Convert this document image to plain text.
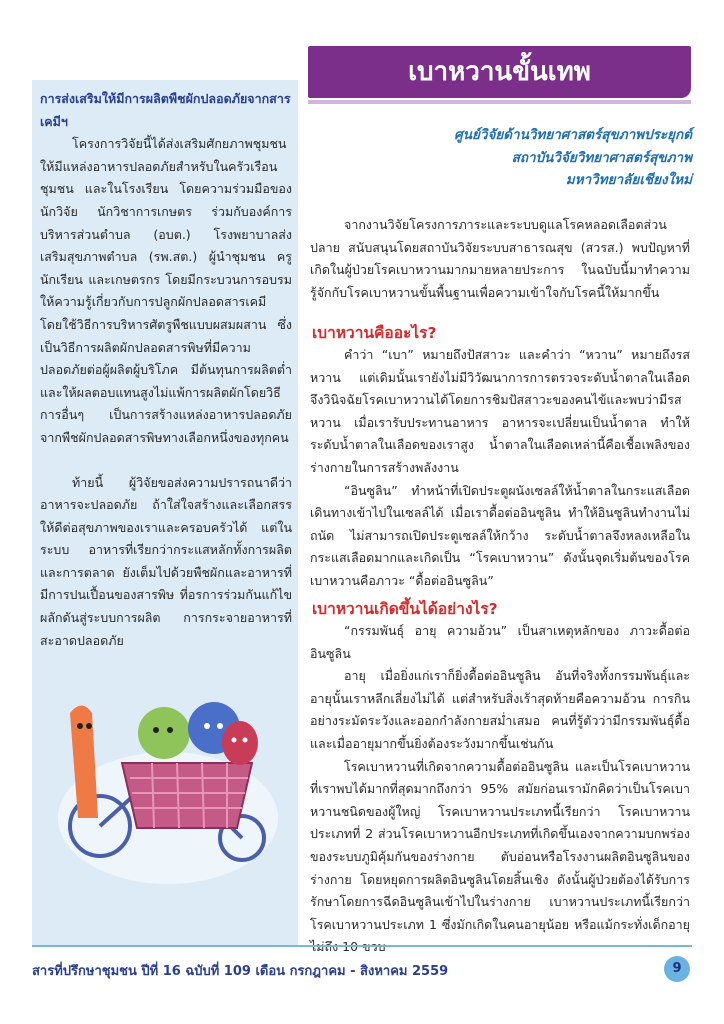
การส่งเสริมให้มีการผลิตพืชผักปลอดภัยจากสารเคมีฯ

โครงการวิจัยนี้ได้ส่งเสริมศักยภาพชุมชนให้มีแหล่งอาหารปลอดภัยสำหรับในครัวเรือน ชุมชน และในโรงเรียน โดยความร่วมมือของนักวิจัย นักวิชาการเกษตร ร่วมกับองค์การบริหารส่วนตำบล (อบต.) โรงพยาบาลส่งเสริมสุขภาพตำบล (รพ.สต.) ผู้นำชุมชน ครู นักเรียน และเกษตรกร โดยมีกระบวนการอบรมให้ความรู้เกี่ยวกับการปลูกผักปลอดสารเคมี โดยใช้วิธีการบริหารศัตรูพืชแบบผสมผสาน ซึ่งเป็นวิธีการผลิตผักปลอดสารพิษที่มีความปลอดภัยต่อผู้ผลิตผู้บริโภค มีต้นทุนการผลิตต่ำและให้ผลตอบแทนสูงไม่แพ้การผลิตผักโดยวิธีการอื่นๆ เป็นการสร้างแหล่งอาหารปลอดภัยจากพืชผักปลอดสารพิษทางเลือกหนึ่งของทุกคน

ท้ายนี้ ผู้วิจัยขอส่งความปรารถนาดีว่าอาหารจะปลอดภัย ถ้าใส่ใจสร้างและเลือกสรรให้ดีต่อสุขภาพของเราและครอบครัวได้ แต่ในระบบ อาหารที่เรียกว่ากระแสหลักทั้งการผลิต และการตลาด ยังเต็มไปด้วยพืชผักและอาหารที่มีการปนเปื้อนของสารพิษ ที่อรการร่วมกันแก้ไขผลักดันสู่ระบบการผลิต การกระจายอาหารที่สะอาดปลอดภัย

เบาหวานขั้นเทพ
ศูนย์วิจัยด้านวิทยาศาสตร์สุขภาพประยุกต์
สถาบันวิจัยวิทยาศาสตร์สุขภาพ
มหาวิทยาลัยเชียงใหม่

จากงานวิจัยโครงการภาระและระบบดูแลโรคหลอดเลือดส่วนปลาย สนับสนุนโดยสถาบันวิจัยระบบสาธารณสุข (สวรส.) พบปัญหาที่เกิดในผู้ป่วยโรคเบาหวานมากมายหลายประการ ในฉบับนี้มาทำความรู้จักกับโรคเบาหวานขั้นพื้นฐานเพื่อความเข้าใจกับโรคนี้ให้มากขึ้น

เบาหวานคืออะไร?

คำว่า “เบา” หมายถึงปัสสาวะ และคำว่า “หวาน” หมายถึงรสหวาน แต่เดิมนั้นเรายังไม่มีวิวัฒนาการการตรวจระดับน้ำตาลในเลือด จึงวินิจฉัยโรคเบาหวานได้โดยการชิมปัสสาวะของคนไข้และพบว่ามีรสหวาน เมื่อเรารับประทานอาหาร อาหารจะเปลี่ยนเป็นน้ำตาล ทำให้ระดับน้ำตาลในเลือดของเราสูง น้ำตาลในเลือดเหล่านี้คือเชื้อเพลิงของร่างกายในการสร้างพลังงาน

“อินซูลิน” ทำหน้าที่เปิดประตูผนังเซลล์ให้น้ำตาลในกระแสเลือดเดินทางเข้าไปในเซลล์ได้ เมื่อเราดื้อต่ออินซูลิน ทำให้อินซูลินทำงานไม่ถนัด ไม่สามารถเปิดประตูเซลล์ให้กว้าง ระดับน้ำตาลจึงหลงเหลือในกระแสเลือดมากและเกิดเป็น “โรคเบาหวาน” ดังนั้นจุดเริ่มต้นของโรคเบาหวานคือภาวะ “ดื้อต่ออินซูลิน”

เบาหวานเกิดขึ้นได้อย่างไร?

“กรรมพันธุ์ อายุ ความอ้วน” เป็นสาเหตุหลักของ ภาวะดื้อต่ออินซูลิน

อายุ เมื่อยิ่งแก่เราก็ยิ่งดื้อต่ออินซูลิน อันที่จริงทั้งกรรมพันธุ์และอายุนั้นเราหลีกเลี่ยงไม่ได้ แต่สำหรับสิ่งเร้าสุดท้ายคือความอ้วน การกินอย่างระมัดระวังและออกกำลังกายสม่ำเสมอ คนที่รู้ตัวว่ามีกรรมพันธุ์ดื้อและเมื่ออายุมากขึ้นยิ่งต้องระวังมากขึ้นเช่นกัน

โรคเบาหวานที่เกิดจากความดื้อต่ออินซูลิน และเป็นโรคเบาหวานที่เราพบได้มากที่สุดมากถึงกว่า 95% สมัยก่อนเรามักคิดว่าเป็นโรคเบาหวานชนิดของผู้ใหญ่ โรคเบาหวานประเภทนี้เรียกว่า โรคเบาหวานประเภทที่ 2 ส่วนโรคเบาหวานอีกประเภทที่เกิดขึ้นเองจากความบกพร่องของระบบภูมิคุ้มกันของร่างกาย ตับอ่อนหรือโรงงานผลิตอินซูลินของร่างกาย โดยหยุดการผลิตอินซูลินโดยสิ้นเชิง ดังนั้นผู้ป่วยต้องได้รับการรักษาโดยการฉีดอินซูลินเข้าไปในร่างกาย เบาหวานประเภทนี้เรียกว่า โรคเบาหวานประเภท 1 ซึ่งมักเกิดในคนอายุน้อย หรือแม้กระทั่งเด็กอายุ

สารที่ปรึกษาชุมชน ปีที่ 16 ฉบับที่ 109 เดือน กรกฎาคม - สิงหาคม 2559	9
